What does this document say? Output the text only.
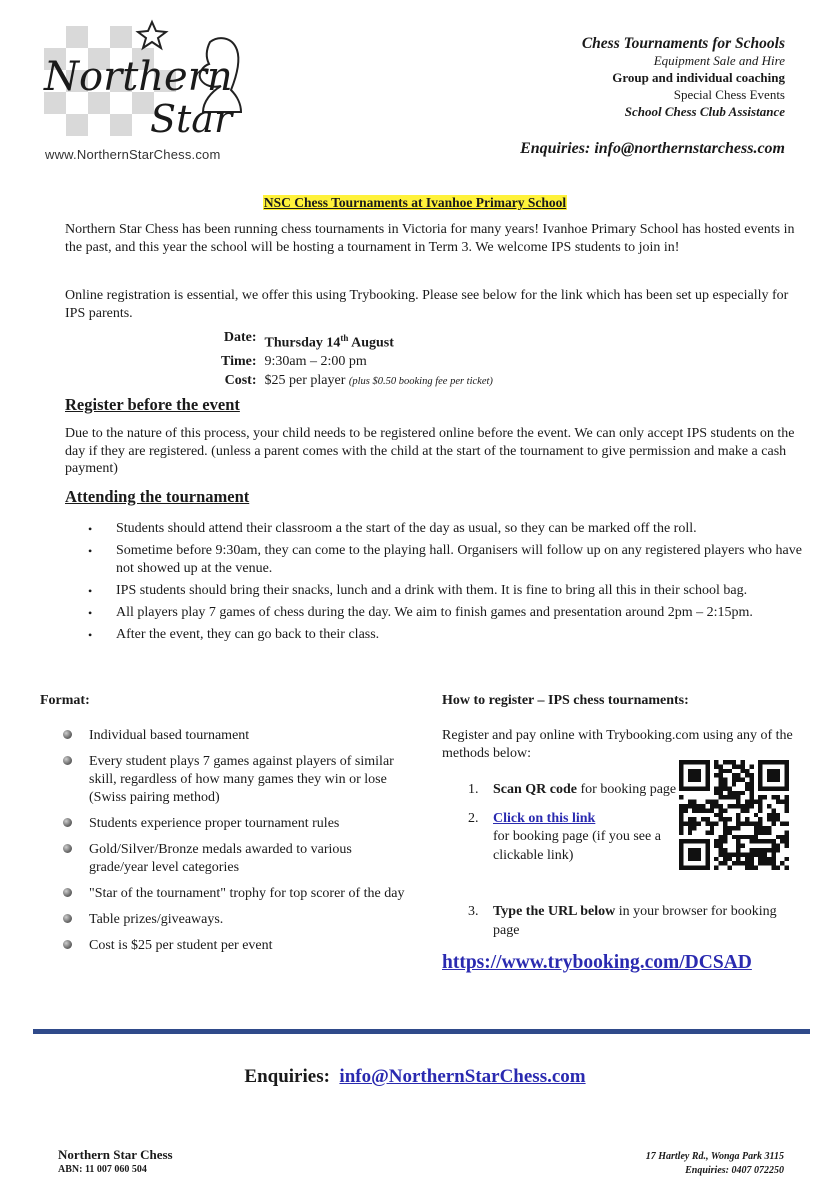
Northern
Star
www.NorthernStarChess.com
Chess Tournaments for Schools
Equipment Sale and Hire
Group and individual coaching
Special Chess Events
School Chess Club Assistance
Enquiries: info@northernstarchess.com
NSC Chess Tournaments at Ivanhoe Primary School
Northern Star Chess has been running chess tournaments in Victoria for many years! Ivanhoe Primary School has hosted events in the past, and this year the school will be hosting a tournament in Term 3. We welcome IPS students to join in!
Online registration is essential, we offer this using Trybooking. Please see below for the link which has been set up especially for IPS parents.
Date:	Thursday 14th August
Time:	9:30am – 2:00 pm
Cost:	$25 per player (plus $0.50 booking fee per ticket)
Register before the event
Due to the nature of this process, your child needs to be registered online before the event. We can only accept IPS students on the day if they are registered. (unless a parent comes with the child at the start of the tournament to give permission and make a cash payment)
Attending the tournament
• Students should attend their classroom a the start of the day as usual, so they can be marked off the roll.
• Sometime before 9:30am, they can come to the playing hall. Organisers will follow up on any registered players who have not showed up at the venue.
• IPS students should bring their snacks, lunch and a drink with them. It is fine to bring all this in their school bag.
• All players play 7 games of chess during the day. We aim to finish games and presentation around 2pm – 2:15pm.
• After the event, they can go back to their class.
Format:
Individual based tournament
Every student plays 7 games against players of similar skill, regardless of how many games they win or lose (Swiss pairing method)
Students experience proper tournament rules
Gold/Silver/Bronze medals awarded to various grade/year level categories
"Star of the tournament" trophy for top scorer of the day
Table prizes/giveaways.
Cost is $25 per student per event
How to register – IPS chess tournaments:
Register and pay online with Trybooking.com using any of the methods below:
1. Scan QR code for booking page
2. Click on this link
for booking page (if you see a clickable link)
3. Type the URL below in your browser for booking page
https://www.trybooking.com/DCSAD
Enquiries: info@NorthernStarChess.com
Northern Star Chess
ABN: 11 007 060 504
17 Hartley Rd., Wonga Park 3115
Enquiries: 0407 072250
